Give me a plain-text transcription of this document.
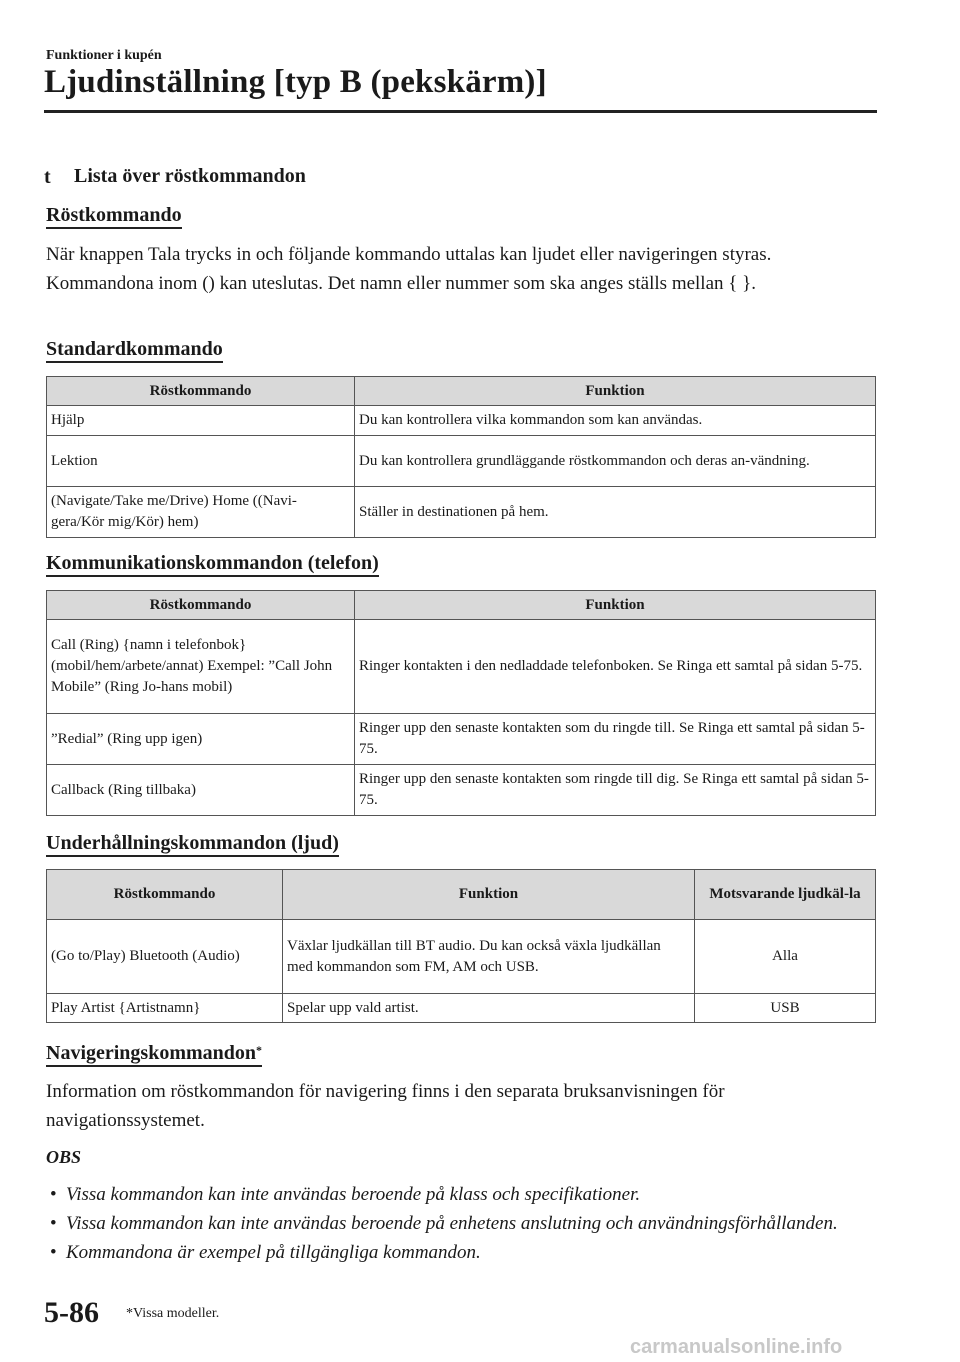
Funktioner i kupén
Ljudinställning [typ B (pekskärm)]
t Lista över röstkommandon
Röstkommando
När knappen Tala trycks in och följande kommando uttalas kan ljudet eller navigeringen styras. Kommandona inom () kan uteslutas. Det namn eller nummer som ska anges ställs mellan { }.
Standardkommando
Röstkommando	Funktion
Hjälp	Du kan kontrollera vilka kommandon som kan användas.
Lektion	Du kan kontrollera grundläggande röstkommandon och deras an-vändning.
(Navigate/Take me/Drive) Home ((Navi-gera/Kör mig/Kör) hem)	Ställer in destinationen på hem.
Kommunikationskommandon (telefon)
Röstkommando	Funktion
Call (Ring) {namn i telefonbok} (mobil/hem/arbete/annat) Exempel: ”Call John Mobile” (Ring Jo-hans mobil)	Ringer kontakten i den nedladdade telefonboken. Se Ringa ett samtal på sidan 5-75.
”Redial” (Ring upp igen)	Ringer upp den senaste kontakten som du ringde till. Se Ringa ett samtal på sidan 5-75.
Callback (Ring tillbaka)	Ringer upp den senaste kontakten som ringde till dig. Se Ringa ett samtal på sidan 5-75.
Underhållningskommandon (ljud)
Röstkommando	Funktion	Motsvarande ljudkäl-la
(Go to/Play) Bluetooth (Audio)	Växlar ljudkällan till BT audio. Du kan också växla ljudkällan med kommandon som FM, AM och USB.	Alla
Play Artist {Artistnamn}	Spelar upp vald artist.	USB
Navigeringskommandon*
Information om röstkommandon för navigering finns i den separata bruksanvisningen för navigationssystemet.
OBS
• Vissa kommandon kan inte användas beroende på klass och specifikationer.
• Vissa kommandon kan inte användas beroende på enhetens anslutning och användningsförhållanden.
• Kommandona är exempel på tillgängliga kommandon.
5-86 *Vissa modeller.
carmanualsonline.info
